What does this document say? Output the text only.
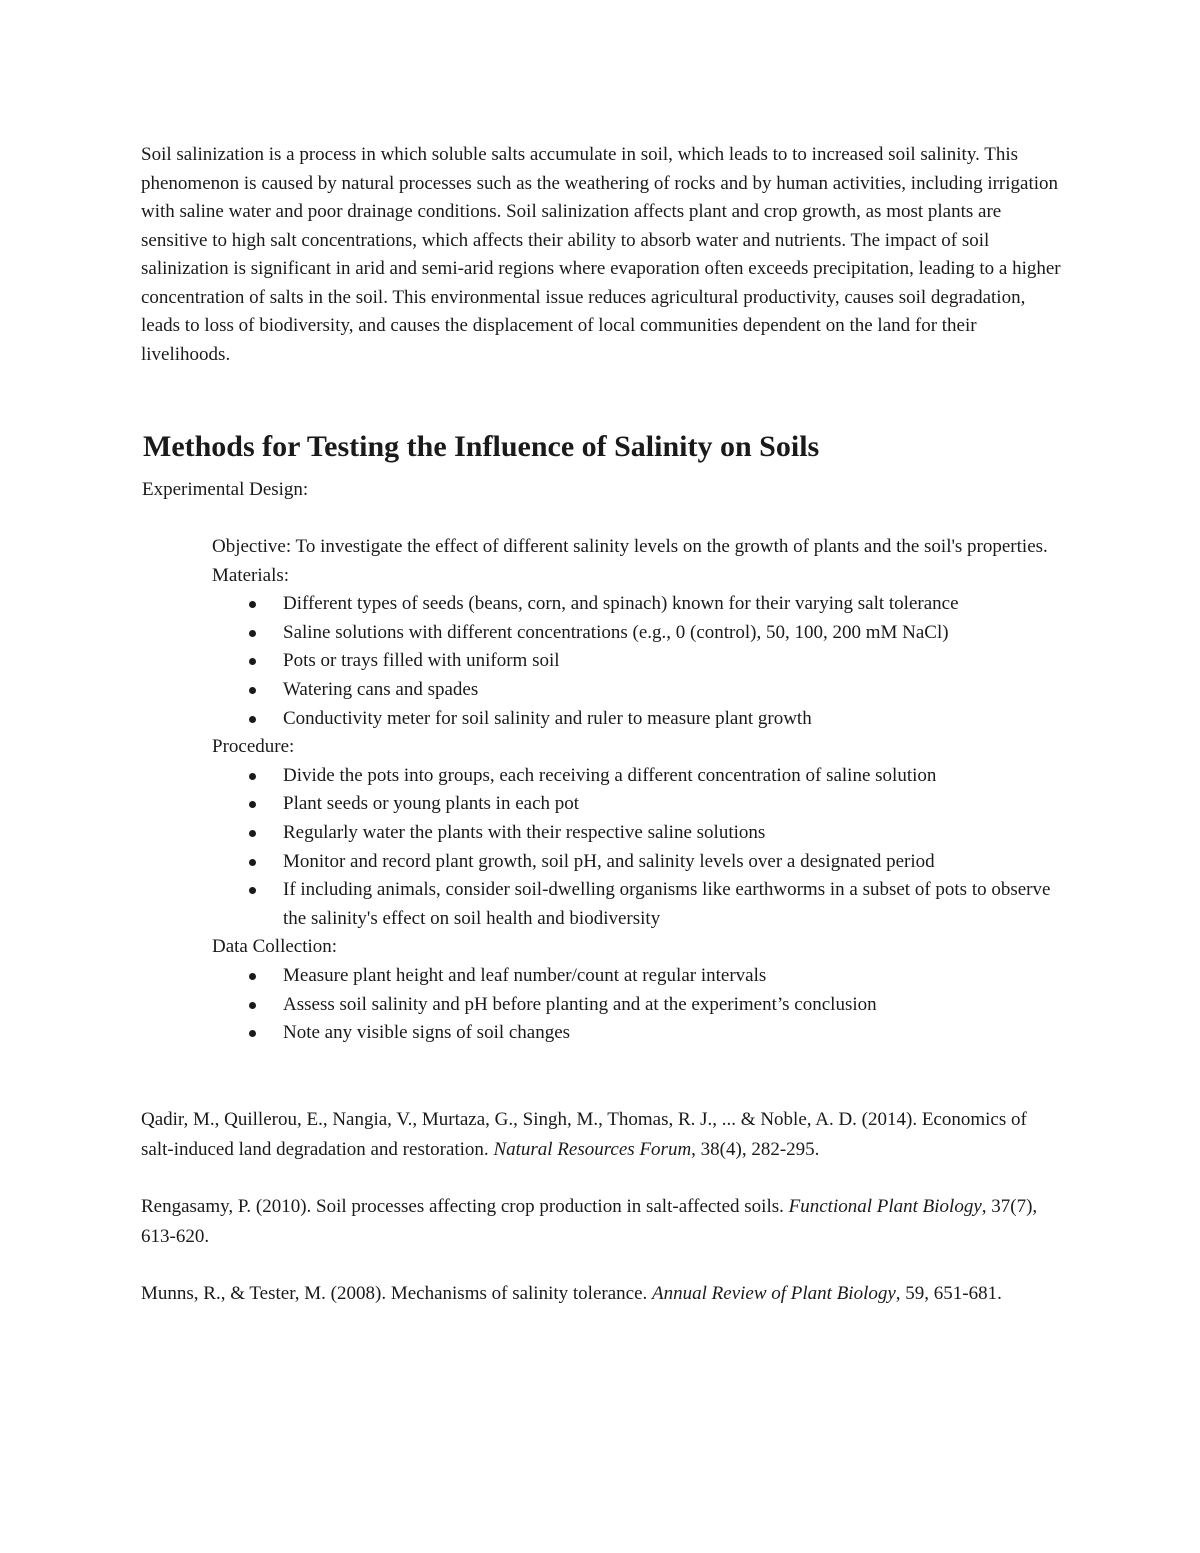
Soil salinization is a process in which soluble salts accumulate in soil, which leads to to increased soil salinity. This phenomenon is caused by natural processes such as the weathering of rocks and by human activities, including irrigation with saline water and poor drainage conditions. Soil salinization affects plant and crop growth, as most plants are sensitive to high salt concentrations, which affects their ability to absorb water and nutrients. The impact of soil salinization is significant in arid and semi-arid regions where evaporation often exceeds precipitation, leading to a higher concentration of salts in the soil. This environmental issue reduces agricultural productivity, causes soil degradation, leads to loss of biodiversity, and causes the displacement of local communities dependent on the land for their livelihoods.

Methods for Testing the Influence of Salinity on Soils

Experimental Design:

Objective: To investigate the effect of different salinity levels on the growth of plants and the soil's properties.

Materials:

Different types of seeds (beans, corn, and spinach) known for their varying salt tolerance
Saline solutions with different concentrations (e.g., 0 (control), 50, 100, 200 mM NaCl)
Pots or trays filled with uniform soil
Watering cans and spades
Conductivity meter for soil salinity and ruler to measure plant growth

Procedure:

Divide the pots into groups, each receiving a different concentration of saline solution
Plant seeds or young plants in each pot
Regularly water the plants with their respective saline solutions
Monitor and record plant growth, soil pH, and salinity levels over a designated period
If including animals, consider soil-dwelling organisms like earthworms in a subset of pots to observe the salinity's effect on soil health and biodiversity

Data Collection:

Measure plant height and leaf number/count at regular intervals
Assess soil salinity and pH before planting and at the experiment’s conclusion
Note any visible signs of soil changes

Qadir, M., Quillerou, E., Nangia, V., Murtaza, G., Singh, M., Thomas, R. J., ... & Noble, A. D. (2014). Economics of salt-induced land degradation and restoration. Natural Resources Forum, 38(4), 282-295.

Rengasamy, P. (2010). Soil processes affecting crop production in salt-affected soils. Functional Plant Biology, 37(7), 613-620.

Munns, R., & Tester, M. (2008). Mechanisms of salinity tolerance. Annual Review of Plant Biology, 59, 651-681.
